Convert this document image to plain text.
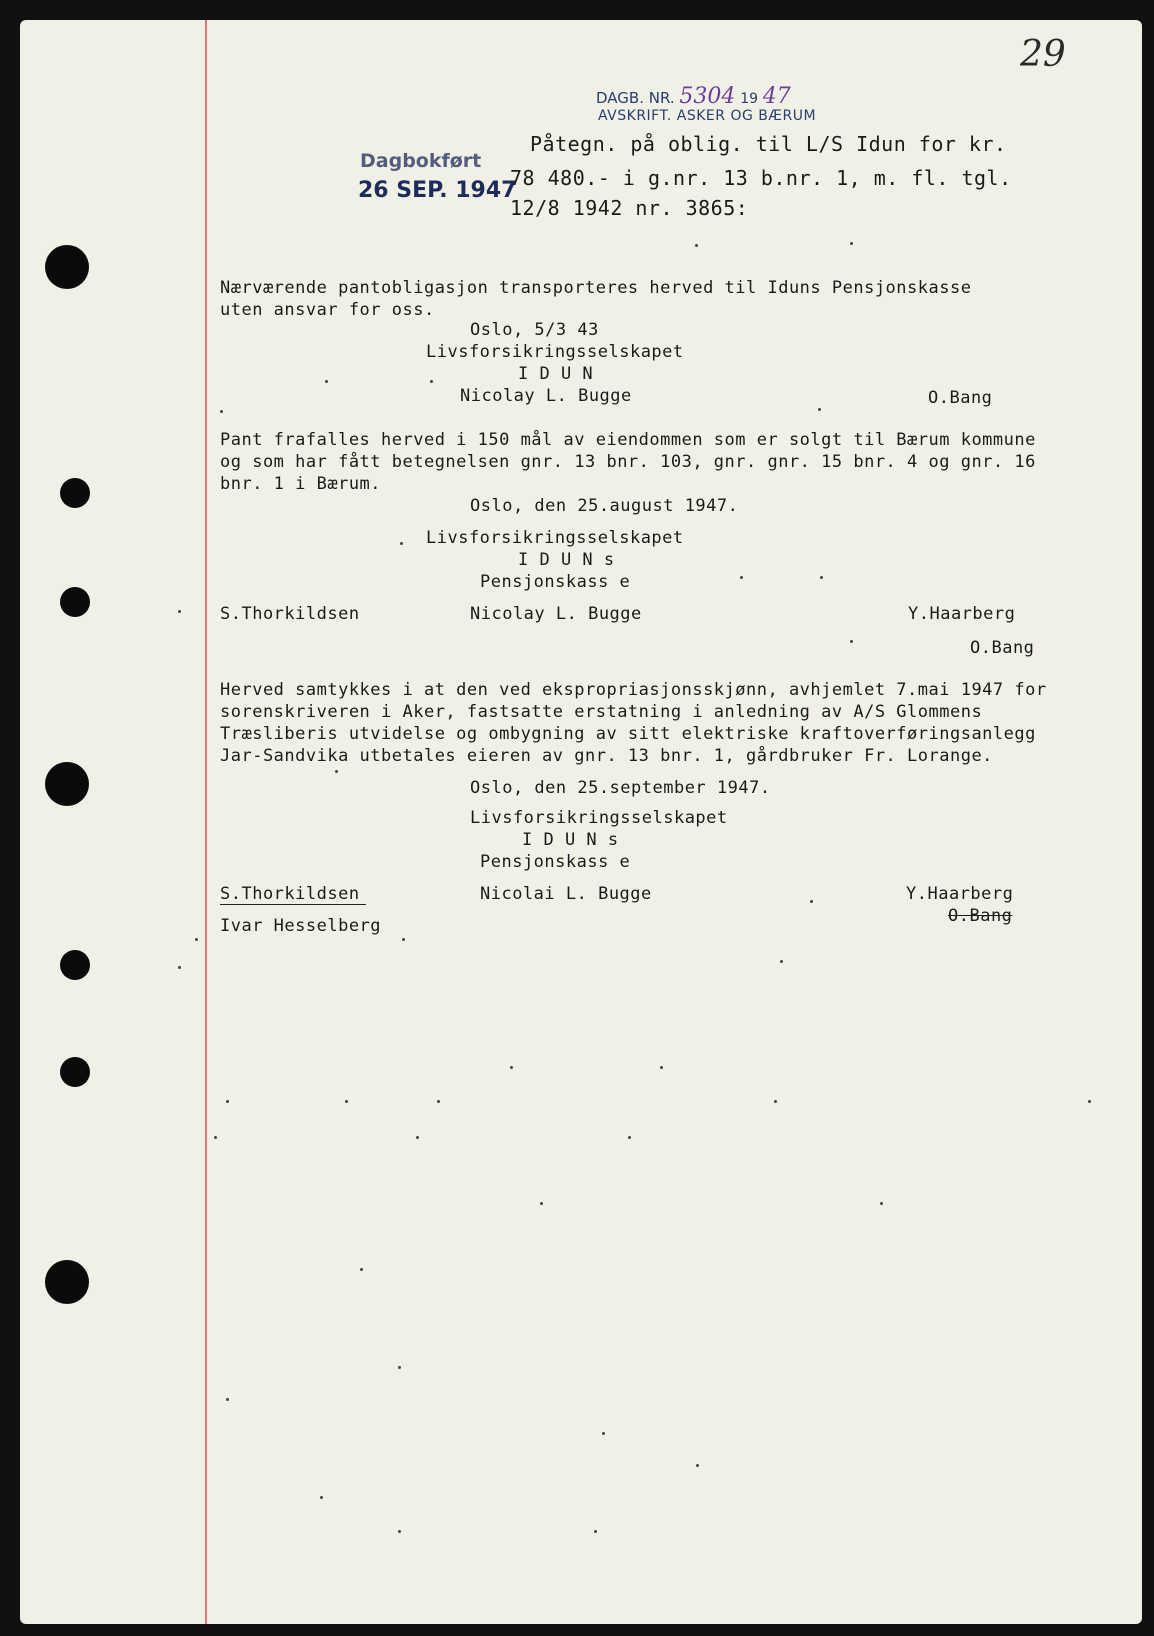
DAGB. NR. 5304 19 47
AVSKRIFT. ASKER OG BÆRUM
29
Dagbokført
26 SEP. 1947
Påtegn. på oblig. til L/S Idun for kr.
78 480.- i g.nr. 13 b.nr. 1, m. fl. tgl.
12/8 1942 nr. 3865:
Nærværende pantobligasjon transporteres herved til Iduns Pensjonskasse
uten ansvar for oss.
Oslo, 5/3 43
Livsforsikringsselskapet
I D U N
Nicolay L. Bugge	O.Bang
Pant frafalles herved i 150 mål av eiendommen som er solgt til Bærum kommune
og som har fått betegnelsen gnr. 13 bnr. 103, gnr. gnr. 15 bnr. 4 og gnr. 16
bnr. 1 i Bærum.
Oslo, den 25.august 1947.
Livsforsikringsselskapet
I D U N s
Pensjonskass e
S.Thorkildsen	Nicolay L. Bugge	Y.Haarberg
O.Bang
Herved samtykkes i at den ved ekspropriasjonsskjønn, avhjemlet 7.mai 1947 for
sorenskriveren i Aker, fastsatte erstatning i anledning av A/S Glommens
Træsliberis utvidelse og ombygning av sitt elektriske kraftoverføringsanlegg
Jar-Sandvika utbetales eieren av gnr. 13 bnr. 1, gårdbruker Fr. Lorange.
Oslo, den 25.september 1947.
Livsforsikringsselskapet
I D U N s
Pensjonskass e
S.Thorkildsen
Ivar Hesselberg
Nicolai L. Bugge	Y.Haarberg
O.Bang
